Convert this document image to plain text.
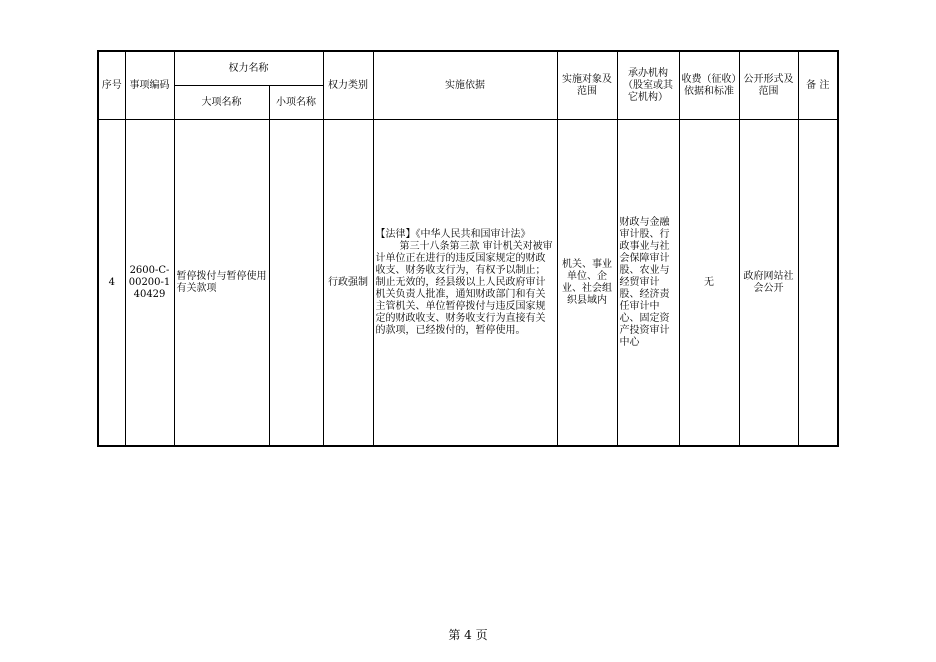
序号	事项编码	权力名称		权力类别	实施依据	实施对象及范围	承办机构（股室或其它机构）	收费（征收）依据和标准	公开形式及范围	备 注
		大项名称	小项名称							
4	2600-C-00200-140429	暂停拨付与暂停使用有关款项		行政强制	【法律】《中华人民共和国审计法》
第三十八条第三款 审计机关对被审计单位正在进行的违反国家规定的财政收支、财务收支行为，有权予以制止；制止无效的，经县级以上人民政府审计机关负责人批准，通知财政部门和有关主管机关、单位暂停拨付与违反国家规定的财政收支、财务收支行为直接有关的款项，已经拨付的，暂停使用。	机关、事业单位、企业、社会组织县域内	财政与金融审计股、行政事业与社会保障审计股、农业与经贸审计股、经济责任审计中心、固定资产投资审计中心	无	政府网站社会公开	
第 4 页
